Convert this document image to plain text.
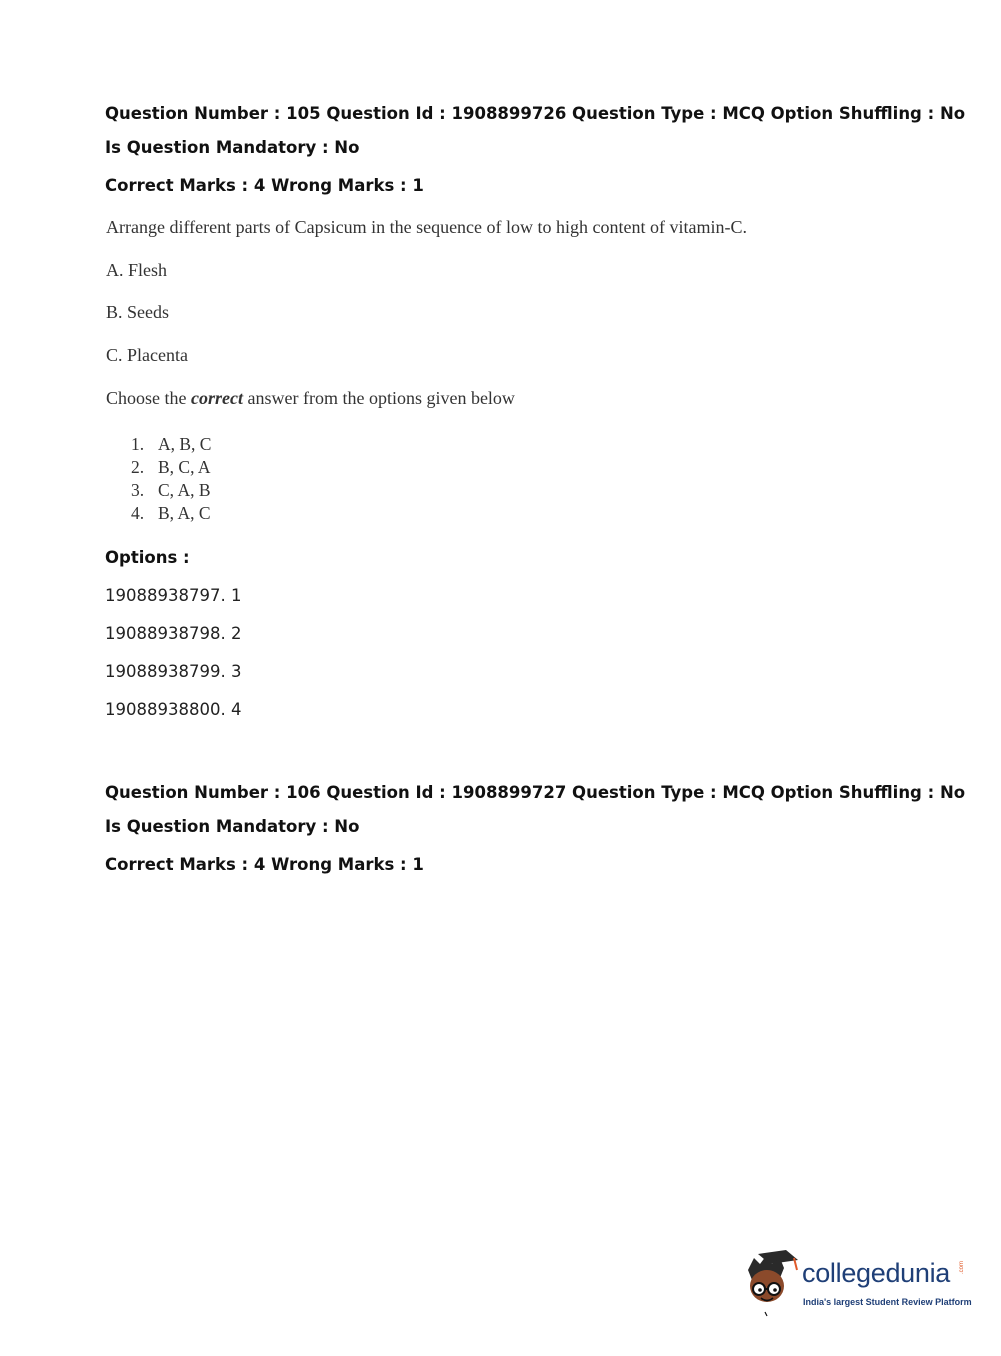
Question Number : 105 Question Id : 1908899726 Question Type : MCQ Option Shuffling : No
Is Question Mandatory : No
Correct Marks : 4 Wrong Marks : 1
Arrange different parts of Capsicum in the sequence of low to high content of vitamin-C.
A. Flesh
B. Seeds
C. Placenta
Choose the correct answer from the options given below
1. A, B, C
2. B, C, A
3. C, A, B
4. B, A, C
Options :
19088938797. 1
19088938798. 2
19088938799. 3
19088938800. 4
Question Number : 106 Question Id : 1908899727 Question Type : MCQ Option Shuffling : No
Is Question Mandatory : No
Correct Marks : 4 Wrong Marks : 1
collegedunia .com
India's largest Student Review Platform
